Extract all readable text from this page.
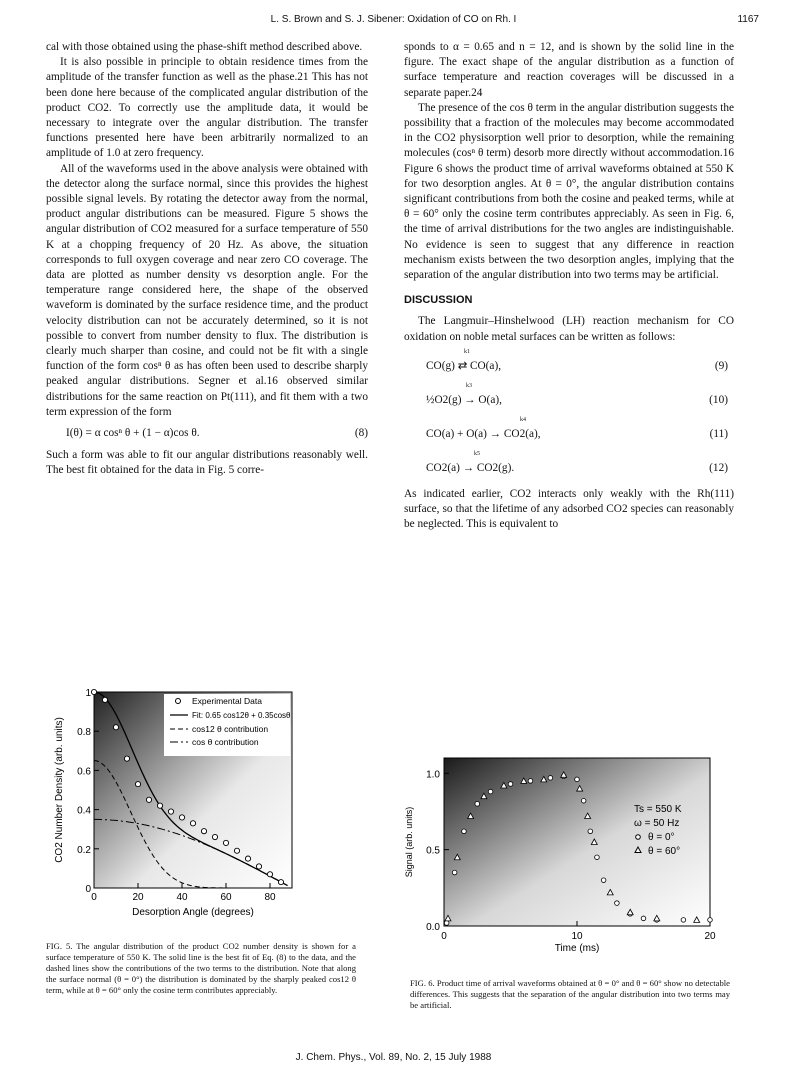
L. S. Brown and S. J. Sibener: Oxidation of CO on Rh. I	1167

cal with those obtained using the phase-shift method described above.

It is also possible in principle to obtain residence times from the amplitude of the transfer function as well as the phase.21 This has not been done here because of the complicated angular distribution of the product CO2. To correctly use the amplitude data, it would be necessary to integrate over the angular distribution. The transfer functions presented here have been arbitrarily normalized to an amplitude of 1.0 at zero frequency.

All of the waveforms used in the above analysis were obtained with the detector along the surface normal, since this provides the highest possible signal levels. By rotating the detector away from the normal, product angular distributions can be measured. Figure 5 shows the angular distribution of CO2 measured for a surface temperature of 550 K at a chopping frequency of 20 Hz. As above, the situation corresponds to full oxygen coverage and near zero CO coverage. The data are plotted as number density vs desorption angle. For the temperature range considered here, the shape of the observed waveform is dominated by the surface residence time, and the product velocity distribution can not be accurately determined, so it is not possible to convert from number density to flux. The distribution is clearly much sharper than cosine, and could not be fit with a single function of the form cosⁿ θ as has often been used to describe sharply peaked angular distributions. Segner et al.16 observed similar distributions for the same reaction on Pt(111), and fit them with a two term expression of the form

I(θ) = α cosⁿ θ + (1 − α)cos θ.	(8)

Such a form was able to fit our angular distributions reasonably well. The best fit obtained for the data in Fig. 5 corre-

sponds to α = 0.65 and n = 12, and is shown by the solid line in the figure. The exact shape of the angular distribution as a function of surface temperature and reaction coverages will be discussed in a separate paper.24

The presence of the cos θ term in the angular distribution suggests the possibility that a fraction of the molecules may become accommodated in the CO2 physisorption well prior to desorption, while the remaining molecules (cosⁿ θ term) desorb more directly without accommodation.16 Figure 6 shows the product time of arrival waveforms obtained at 550 K for two desorption angles. At θ = 0°, the angular distribution contains significant contributions from both the cosine and peaked terms, while at θ = 60° only the cosine term contributes appreciably. As seen in Fig. 6, the time of arrival distributions for the two angles are indistinguishable. No evidence is seen to suggest that any difference in reaction mechanism exists between the two desorption angles, implying that the separation of the angular distribution into two terms may be artificial.

DISCUSSION

The Langmuir–Hinshelwood (LH) reaction mechanism for CO oxidation on noble metal surfaces can be written as follows:

k1
CO(g) ⇄ CO(a),	(9)
k3
½O2(g) → O(a),	(10)
k4
CO(a) + O(a) → CO2(a),	(11)
k5
CO2(a) → CO2(g).	(12)

As indicated earlier, CO2 interacts only weakly with the Rh(111) surface, so that the lifetime of any adsorbed CO2 species can reasonably be neglected. This is equivalent to

0	20	40	60	80
0
0.2
0.4
0.6
0.8
1
Desorption Angle (degrees)
CO2 Number Density (arb. units)
Experimental Data
Fit: 0.65 cos12θ + 0.35cosθ
cos12 θ contribution
cos θ contribution
FIG. 5. The angular distribution of the product CO2 number density is shown for a surface temperature of 550 K. The solid line is the best fit of Eq. (8) to the data, and the dashed lines show the contributions of the two terms to the distribution. Note that along the surface normal (θ = 0°) the distribution is dominated by the sharply peaked cos12 θ term, while at θ = 60° only the cosine term contributes appreciably.
0	10	20
0.0
0.5
1.0
Time (ms)
Signal (arb. units)	Ts = 550 K
ω = 50 Hz
θ = 0°
θ = 60°
FIG. 6. Product time of arrival waveforms obtained at θ = 0° and θ = 60° show no detectable differences. This suggests that the separation of the angular distribution into two terms may be artificial.
J. Chem. Phys., Vol. 89, No. 2, 15 July 1988
